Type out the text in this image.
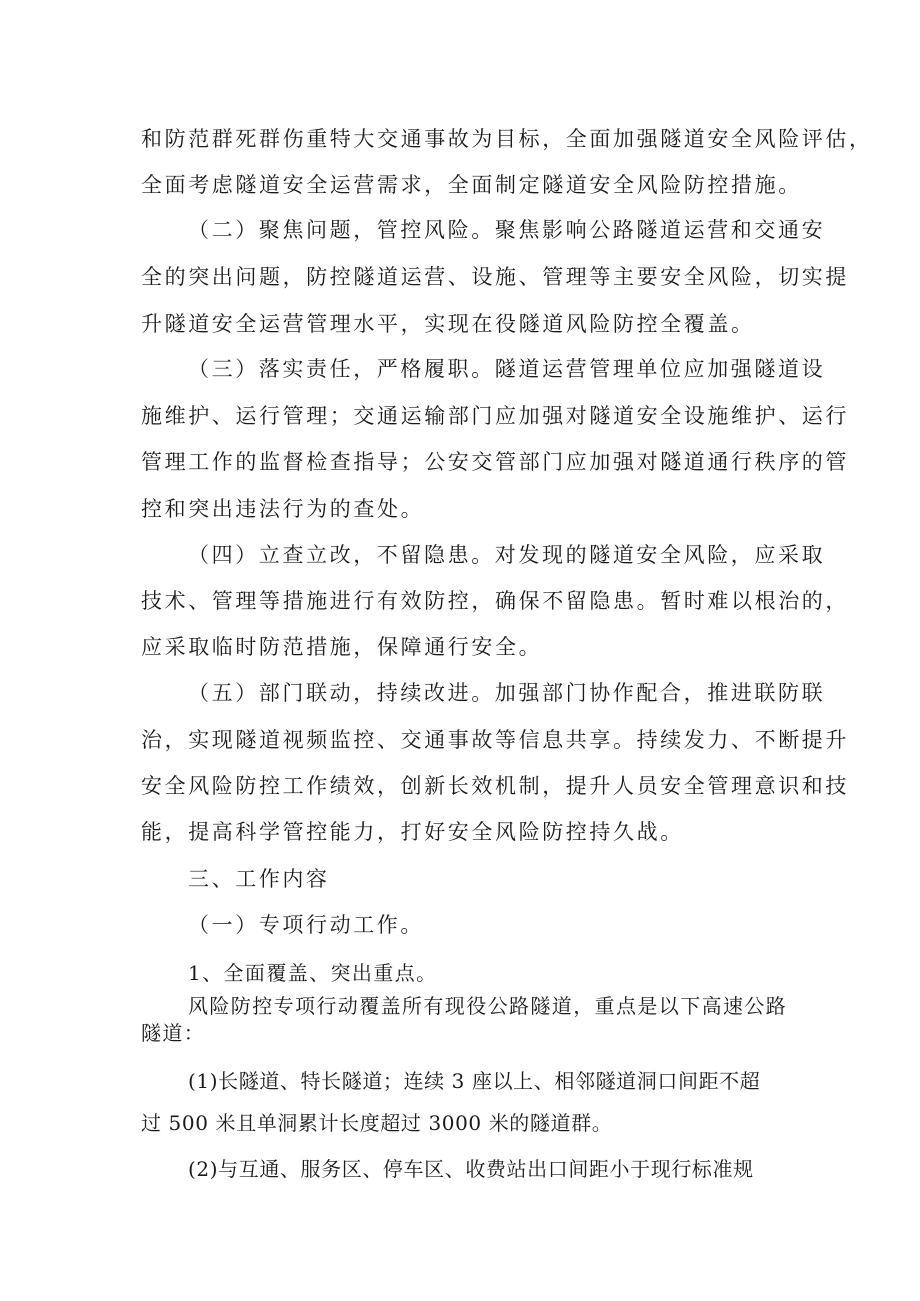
和防范群死群伤重特大交通事故为目标，全面加强隧道安全风险评估，
全面考虑隧道安全运营需求，全面制定隧道安全风险防控措施。
（二）聚焦问题，管控风险。聚焦影响公路隧道运营和交通安
全的突出问题，防控隧道运营、设施、管理等主要安全风险，切实提
升隧道安全运营管理水平，实现在役隧道风险防控全覆盖。
（三）落实责任，严格履职。隧道运营管理单位应加强隧道设
施维护、运行管理；交通运输部门应加强对隧道安全设施维护、运行
管理工作的监督检查指导；公安交管部门应加强对隧道通行秩序的管
控和突出违法行为的查处。
（四）立查立改，不留隐患。对发现的隧道安全风险，应采取
技术、管理等措施进行有效防控，确保不留隐患。暂时难以根治的，
应采取临时防范措施，保障通行安全。
（五）部门联动，持续改进。加强部门协作配合，推进联防联
治，实现隧道视频监控、交通事故等信息共享。持续发力、不断提升
安全风险防控工作绩效，创新长效机制，提升人员安全管理意识和技
能，提高科学管控能力，打好安全风险防控持久战。
三、工作内容
（一）专项行动工作。
1、全面覆盖、突出重点。
风险防控专项行动覆盖所有现役公路隧道，重点是以下高速公路
隧道：
(1)长隧道、特长隧道；连续 3 座以上、相邻隧道洞口间距不超
过 500 米且单洞累计长度超过 3000 米的隧道群。
(2)与互通、服务区、停车区、收费站出口间距小于现行标准规
